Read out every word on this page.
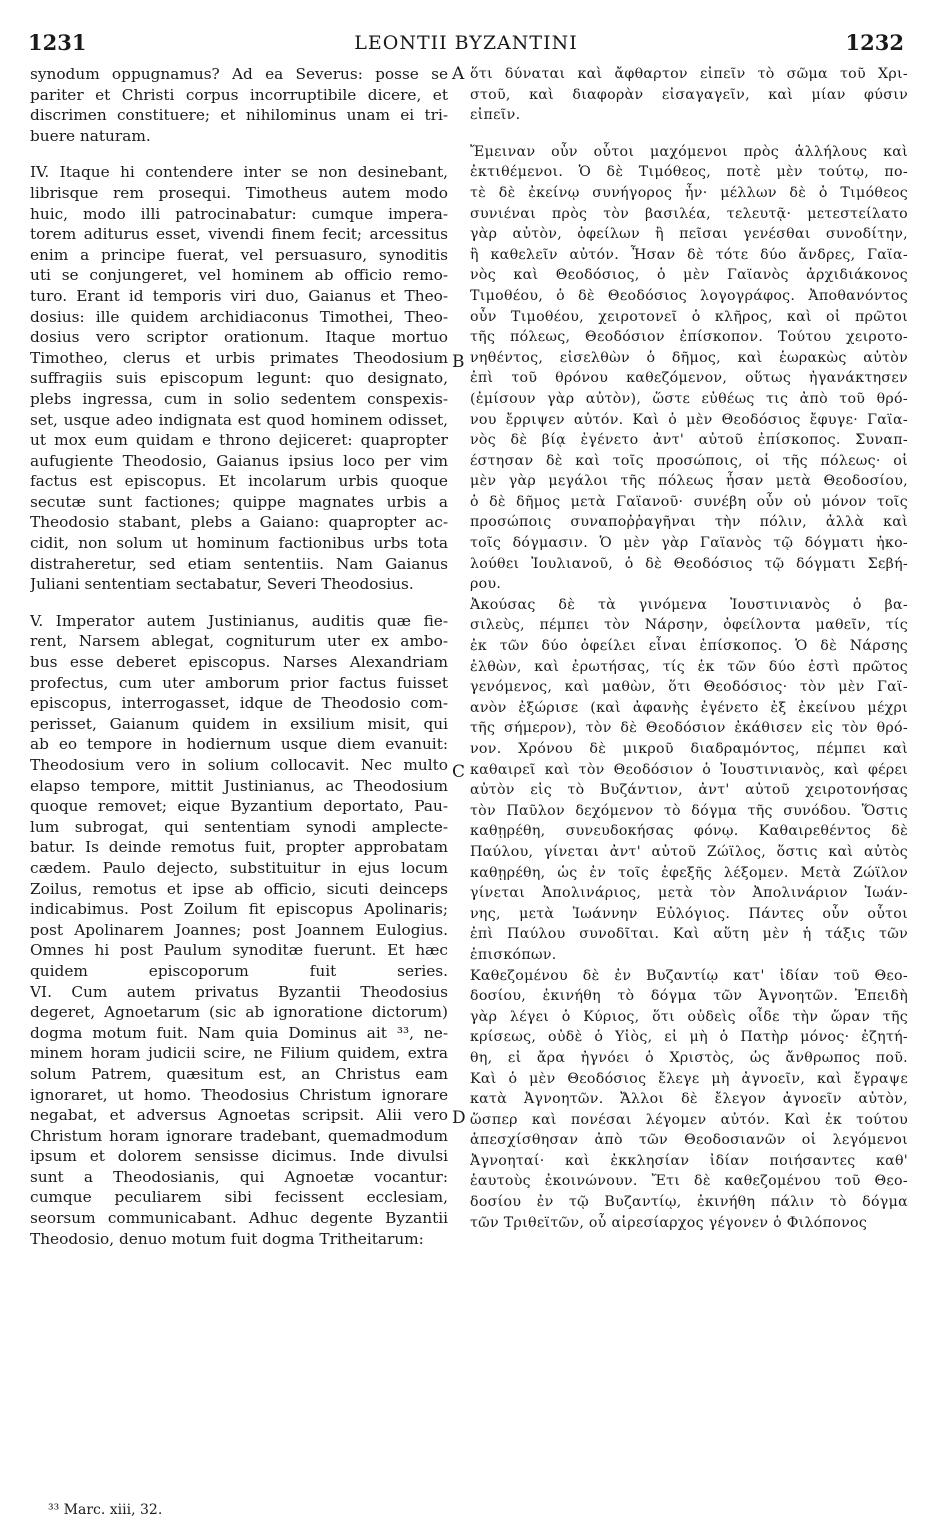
1231	LEONTII BYZANTINI	1232
synodum oppugnamus? Ad ea Severus: posse se
pariter et Christi corpus incorruptibile dicere, et
discrimen constituere; et nihilominus unam ei tri-
buere naturam.
IV. Itaque hi contendere inter se non desinebant,
librisque rem prosequi. Timotheus autem modo
huic, modo illi patrocinabatur: cumque impera-
torem aditurus esset, vivendi finem fecit; arcessitus
enim a principe fuerat, vel persuasuro, synoditis
uti se conjungeret, vel hominem ab officio remo-
turo. Erant id temporis viri duo, Gaianus et Theo-
dosius: ille quidem archidiaconus Timothei, Theo-
dosius vero scriptor orationum. Itaque mortuo
Timotheo, clerus et urbis primates Theodosium
suffragiis suis episcopum legunt: quo designato,
plebs ingressa, cum in solio sedentem conspexis-
set, usque adeo indignata est quod hominem odisset,
ut mox eum quidam e throno dejiceret: quapropter
aufugiente Theodosio, Gaianus ipsius loco per vim
factus est episcopus. Et incolarum urbis quoque
secutæ sunt factiones; quippe magnates urbis a
Theodosio stabant, plebs a Gaiano: quapropter ac-
cidit, non solum ut hominum factionibus urbs tota
distraheretur, sed etiam sententiis. Nam Gaianus
Juliani sententiam sectabatur, Severi Theodosius.
V. Imperator autem Justinianus, auditis quæ fie-
rent, Narsem ablegat, cogniturum uter ex ambo-
bus esse deberet episcopus. Narses Alexandriam
profectus, cum uter amborum prior factus fuisset
episcopus, interrogasset, idque de Theodosio com-
perisset, Gaianum quidem in exsilium misit, qui
ab eo tempore in hodiernum usque diem evanuit:
Theodosium vero in solium collocavit. Nec multo
elapso tempore, mittit Justinianus, ac Theodosium
quoque removet; eique Byzantium deportato, Pau-
lum subrogat, qui sententiam synodi amplecte-
batur. Is deinde remotus fuit, propter approbatam
cædem. Paulo dejecto, substituitur in ejus locum
Zoilus, remotus et ipse ab officio, sicuti deinceps
indicabimus. Post Zoilum fit episcopus Apolinaris;
post Apolinarem Joannes; post Joannem Eulogius.
Omnes hi post Paulum synoditæ fuerunt. Et hæc
quidem episcoporum fuit series.
VI. Cum autem privatus Byzantii Theodosius
degeret, Agnoetarum (sic ab ignoratione dictorum)
dogma motum fuit. Nam quia Dominus ait ³³, ne-
minem horam judicii scire, ne Filium quidem, extra
solum Patrem, quæsitum est, an Christus eam
ignoraret, ut homo. Theodosius Christum ignorare
negabat, et adversus Agnoetas scripsit. Alii vero
Christum horam ignorare tradebant, quemadmodum
ipsum et dolorem sensisse dicimus. Inde divulsi
sunt a Theodosianis, qui Agnoetæ vocantur:
cumque peculiarem sibi fecissent ecclesiam,
seorsum communicabant. Adhuc degente Byzantii
Theodosio, denuo motum fuit dogma Tritheitarum:
ὅτι δύναται καὶ ἄφθαρτον εἰπεῖν τὸ σῶμα τοῦ Χρι-
στοῦ, καὶ διαφορὰν εἰσαγαγεῖν, καὶ μίαν φύσιν
εἰπεῖν.
Ἔμειναν οὖν οὗτοι μαχόμενοι πρὸς ἀλλήλους καὶ
ἐκτιθέμενοι. Ὁ δὲ Τιμόθεος, ποτὲ μὲν τούτῳ, πο-
τὲ δὲ ἐκείνῳ συνήγορος ἦν· μέλλων δὲ ὁ Τιμόθεος
συνιέναι πρὸς τὸν βασιλέα, τελευτᾷ· μετεστείλατο
γὰρ αὐτὸν, ὀφείλων ἢ πεῖσαι γενέσθαι συνοδίτην,
ἢ καθελεῖν αὐτόν. Ἦσαν δὲ τότε δύο ἄνδρες, Γαϊα-
νὸς καὶ Θεοδόσιος, ὁ μὲν Γαϊανὸς ἀρχιδιάκονος
Τιμοθέου, ὁ δὲ Θεοδόσιος λογογράφος. Ἀποθανόντος
οὖν Τιμοθέου, χειροτονεῖ ὁ κλῆρος, καὶ οἱ πρῶτοι
τῆς πόλεως, Θεοδόσιον ἐπίσκοπον. Τούτου χειροτο-
νηθέντος, εἰσελθὼν ὁ δῆμος, καὶ ἑωρακὼς αὐτὸν
ἐπὶ τοῦ θρόνου καθεζόμενον, οὕτως ἠγανάκτησεν
(ἐμίσουν γὰρ αὐτὸν), ὥστε εὐθέως τις ἀπὸ τοῦ θρό-
νου ἔρριψεν αὐτόν. Καὶ ὁ μὲν Θεοδόσιος ἔφυγε· Γαϊα-
νὸς δὲ βίᾳ ἐγένετο ἀντ' αὐτοῦ ἐπίσκοπος. Συναπ-
έστησαν δὲ καὶ τοῖς προσώποις, οἱ τῆς πόλεως· οἱ
μὲν γὰρ μεγάλοι τῆς πόλεως ἦσαν μετὰ Θεοδοσίου,
ὁ δὲ δῆμος μετὰ Γαϊανοῦ· συνέβη οὖν οὐ μόνον τοῖς
προσώποις συναποῤῥαγῆναι τὴν πόλιν, ἀλλὰ καὶ
τοῖς δόγμασιν. Ὁ μὲν γὰρ Γαϊανὸς τῷ δόγματι ἠκο-
λούθει Ἰουλιανοῦ, ὁ δὲ Θεοδόσιος τῷ δόγματι Σεβή-
ρου.
Ἀκούσας δὲ τὰ γινόμενα Ἰουστινιανὸς ὁ βα-
σιλεὺς, πέμπει τὸν Νάρσην, ὀφείλοντα μαθεῖν, τίς
ἐκ τῶν δύο ὀφείλει εἶναι ἐπίσκοπος. Ὁ δὲ Νάρσης
ἐλθὼν, καὶ ἐρωτήσας, τίς ἐκ τῶν δύο ἐστὶ πρῶτος
γενόμενος, καὶ μαθὼν, ὅτι Θεοδόσιος· τὸν μὲν Γαϊ-
ανὸν ἐξώρισε (καὶ ἀφανὴς ἐγένετο ἐξ ἐκείνου μέχρι
τῆς σήμερον), τὸν δὲ Θεοδόσιον ἐκάθισεν εἰς τὸν θρό-
νον. Χρόνου δὲ μικροῦ διαδραμόντος, πέμπει καὶ
καθαιρεῖ καὶ τὸν Θεοδόσιον ὁ Ἰουστινιανὸς, καὶ φέρει
αὐτὸν εἰς τὸ Βυζάντιον, ἀντ' αὐτοῦ χειροτονήσας
τὸν Παῦλον δεχόμενον τὸ δόγμα τῆς συνόδου. Ὅστις
καθῃρέθη, συνευδοκήσας φόνῳ. Καθαιρεθέντος δὲ
Παύλου, γίνεται ἀντ' αὐτοῦ Ζώϊλος, ὅστις καὶ αὐτὸς
καθῃρέθη, ὡς ἐν τοῖς ἐφεξῆς λέξομεν. Μετὰ Ζώϊλον
γίνεται Ἀπολινάριος, μετὰ τὸν Ἀπολινάριον Ἰωάν-
νης, μετὰ Ἰωάννην Εὐλόγιος. Πάντες οὖν οὗτοι
ἐπὶ Παύλου συνοδῖται. Καὶ αὕτη μὲν ἡ τάξις τῶν
ἐπισκόπων.
Καθεζομένου δὲ ἐν Βυζαντίῳ κατ' ἰδίαν τοῦ Θεο-
δοσίου, ἐκινήθη τὸ δόγμα τῶν Ἀγνοητῶν. Ἐπειδὴ
γὰρ λέγει ὁ Κύριος, ὅτι οὐδεὶς οἶδε τὴν ὥραν τῆς
κρίσεως, οὐδὲ ὁ Υἱὸς, εἰ μὴ ὁ Πατὴρ μόνος· ἐζητή-
θη, εἰ ἄρα ἠγνόει ὁ Χριστὸς, ὡς ἄνθρωπος ποῦ.
Καὶ ὁ μὲν Θεοδόσιος ἔλεγε μὴ ἀγνοεῖν, καὶ ἔγραψε
κατὰ Ἀγνοητῶν. Ἄλλοι δὲ ἔλεγον ἀγνοεῖν αὐτὸν,
ὥσπερ καὶ πονέσαι λέγομεν αὐτόν. Καὶ ἐκ τούτου
ἀπεσχίσθησαν ἀπὸ τῶν Θεοδοσιανῶν οἱ λεγόμενοι
Ἀγνοηταί· καὶ ἐκκλησίαν ἰδίαν ποιήσαντες καθ'
ἑαυτοὺς ἐκοινώνουν. Ἔτι δὲ καθεζομένου τοῦ Θεο-
δοσίου ἐν τῷ Βυζαντίῳ, ἐκινήθη πάλιν τὸ δόγμα
τῶν Τριθεϊτῶν, οὗ αἱρεσίαρχος γέγονεν ὁ Φιλόπονος
A
B
C
D
³³ Marc. xiii, 32.
